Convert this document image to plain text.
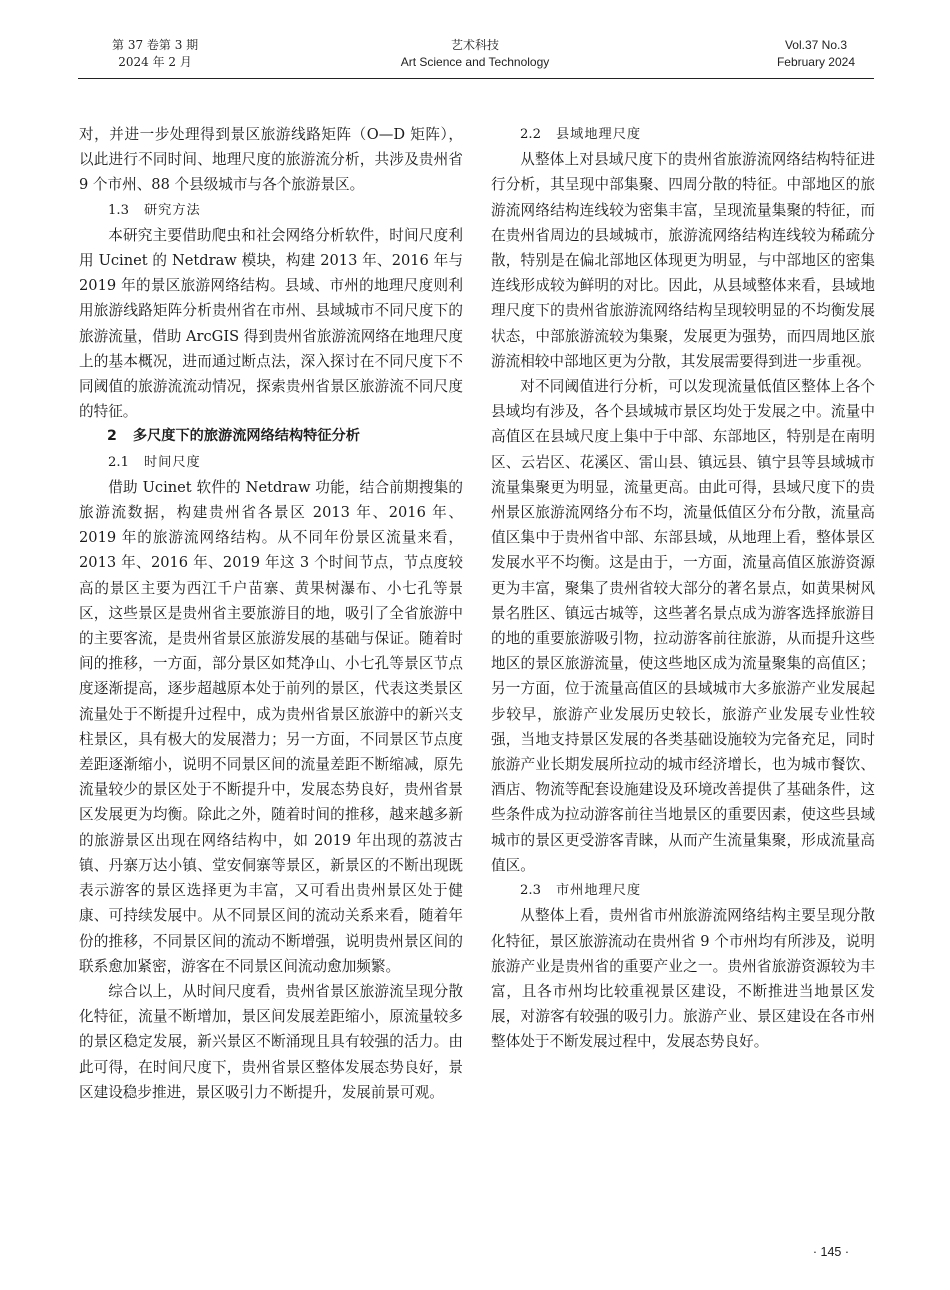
第 37 卷第 3 期
2024 年 2 月
艺术科技
Art Science and Technology
Vol.37 No.3
February 2024

对，并进一步处理得到景区旅游线路矩阵（O—D 矩阵），以此进行不同时间、地理尺度的旅游流分析，共涉及贵州省 9 个市州、88 个县级城市与各个旅游景区。

1.3 研究方法

本研究主要借助爬虫和社会网络分析软件，时间尺度利用 Ucinet 的 Netdraw 模块，构建 2013 年、2016 年与 2019 年的景区旅游网络结构。县域、市州的地理尺度则利用旅游线路矩阵分析贵州省在市州、县域城市不同尺度下的旅游流量，借助 ArcGIS 得到贵州省旅游流网络在地理尺度上的基本概况，进而通过断点法，深入探讨在不同尺度下不同阈值的旅游流流动情况，探索贵州省景区旅游流不同尺度的特征。

2 多尺度下的旅游流网络结构特征分析

2.1 时间尺度

借助 Ucinet 软件的 Netdraw 功能，结合前期搜集的旅游流数据，构建贵州省各景区 2013 年、2016 年、2019 年的旅游流网络结构。从不同年份景区流量来看，2013 年、2016 年、2019 年这 3 个时间节点，节点度较高的景区主要为西江千户苗寨、黄果树瀑布、小七孔等景区，这些景区是贵州省主要旅游目的地，吸引了全省旅游中的主要客流，是贵州省景区旅游发展的基础与保证。随着时间的推移，一方面，部分景区如梵净山、小七孔等景区节点度逐渐提高，逐步超越原本处于前列的景区，代表这类景区流量处于不断提升过程中，成为贵州省景区旅游中的新兴支柱景区，具有极大的发展潜力；另一方面，不同景区节点度差距逐渐缩小，说明不同景区间的流量差距不断缩减，原先流量较少的景区处于不断提升中，发展态势良好，贵州省景区发展更为均衡。除此之外，随着时间的推移，越来越多新的旅游景区出现在网络结构中，如 2019 年出现的荔波古镇、丹寨万达小镇、堂安侗寨等景区，新景区的不断出现既表示游客的景区选择更为丰富，又可看出贵州景区处于健康、可持续发展中。从不同景区间的流动关系来看，随着年份的推移，不同景区间的流动不断增强，说明贵州景区间的联系愈加紧密，游客在不同景区间流动愈加频繁。

综合以上，从时间尺度看，贵州省景区旅游流呈现分散化特征，流量不断增加，景区间发展差距缩小，原流量较多的景区稳定发展，新兴景区不断涌现且具有较强的活力。由此可得，在时间尺度下，贵州省景区整体发展态势良好，景区建设稳步推进，景区吸引力不断提升，发展前景可观。

2.2 县域地理尺度

从整体上对县域尺度下的贵州省旅游流网络结构特征进行分析，其呈现中部集聚、四周分散的特征。中部地区的旅游流网络结构连线较为密集丰富，呈现流量集聚的特征，而在贵州省周边的县域城市，旅游流网络结构连线较为稀疏分散，特别是在偏北部地区体现更为明显，与中部地区的密集连线形成较为鲜明的对比。因此，从县域整体来看，县域地理尺度下的贵州省旅游流网络结构呈现较明显的不均衡发展状态，中部旅游流较为集聚，发展更为强势，而四周地区旅游流相较中部地区更为分散，其发展需要得到进一步重视。

对不同阈值进行分析，可以发现流量低值区整体上各个县域均有涉及，各个县域城市景区均处于发展之中。流量中高值区在县域尺度上集中于中部、东部地区，特别是在南明区、云岩区、花溪区、雷山县、镇远县、镇宁县等县域城市流量集聚更为明显，流量更高。由此可得，县域尺度下的贵州景区旅游流网络分布不均，流量低值区分布分散，流量高值区集中于贵州省中部、东部县域，从地理上看，整体景区发展水平不均衡。这是由于，一方面，流量高值区旅游资源更为丰富，聚集了贵州省较大部分的著名景点，如黄果树风景名胜区、镇远古城等，这些著名景点成为游客选择旅游目的地的重要旅游吸引物，拉动游客前往旅游，从而提升这些地区的景区旅游流量，使这些地区成为流量聚集的高值区；另一方面，位于流量高值区的县域城市大多旅游产业发展起步较早，旅游产业发展历史较长，旅游产业发展专业性较强，当地支持景区发展的各类基础设施较为完备充足，同时旅游产业长期发展所拉动的城市经济增长，也为城市餐饮、酒店、物流等配套设施建设及环境改善提供了基础条件，这些条件成为拉动游客前往当地景区的重要因素，使这些县域城市的景区更受游客青睐，从而产生流量集聚，形成流量高值区。

2.3 市州地理尺度

从整体上看，贵州省市州旅游流网络结构主要呈现分散化特征，景区旅游流动在贵州省 9 个市州均有所涉及，说明旅游产业是贵州省的重要产业之一。贵州省旅游资源较为丰富，且各市州均比较重视景区建设，不断推进当地景区发展，对游客有较强的吸引力。旅游产业、景区建设在各市州整体处于不断发展过程中，发展态势良好。

· 145 ·
